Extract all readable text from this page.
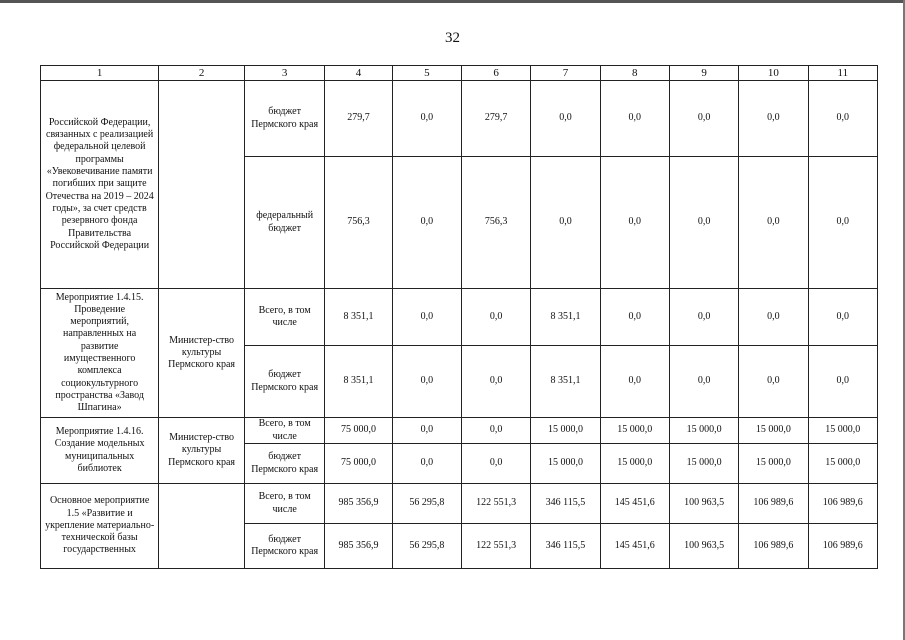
32
1	2	3	4	5	6	7	8	9	10	11
Российской Федерации, связанных с реализацией федеральной целевой программы «Увековечивание памяти погибших при защите Отечества на 2019 – 2024 годы», за счет средств резервного фонда Правительства Российской Федерации		бюджет Пермского края	279,7	0,0	279,7	0,0	0,0	0,0	0,0	0,0
		федеральный бюджет	756,3	0,0	756,3	0,0	0,0	0,0	0,0	0,0
Мероприятие 1.4.15. Проведение мероприятий, направленных на развитие имущественного комплекса социокультурного пространства «Завод Шпагина»	Министер-ство культуры Пермского края	Всего, в том числе	8 351,1	0,0	0,0	8 351,1	0,0	0,0	0,0	0,0
		бюджет Пермского края	8 351,1	0,0	0,0	8 351,1	0,0	0,0	0,0	0,0
Мероприятие 1.4.16. Создание модельных муниципальных библиотек	Министер-ство культуры Пермского края	Всего, в том числе	75 000,0	0,0	0,0	15 000,0	15 000,0	15 000,0	15 000,0	15 000,0
		бюджет Пермского края	75 000,0	0,0	0,0	15 000,0	15 000,0	15 000,0	15 000,0	15 000,0
Основное мероприятие 1.5 «Развитие и укрепление материально-технической базы государственных		Всего, в том числе	985 356,9	56 295,8	122 551,3	346 115,5	145 451,6	100 963,5	106 989,6	106 989,6
		бюджет Пермского края	985 356,9	56 295,8	122 551,3	346 115,5	145 451,6	100 963,5	106 989,6	106 989,6
